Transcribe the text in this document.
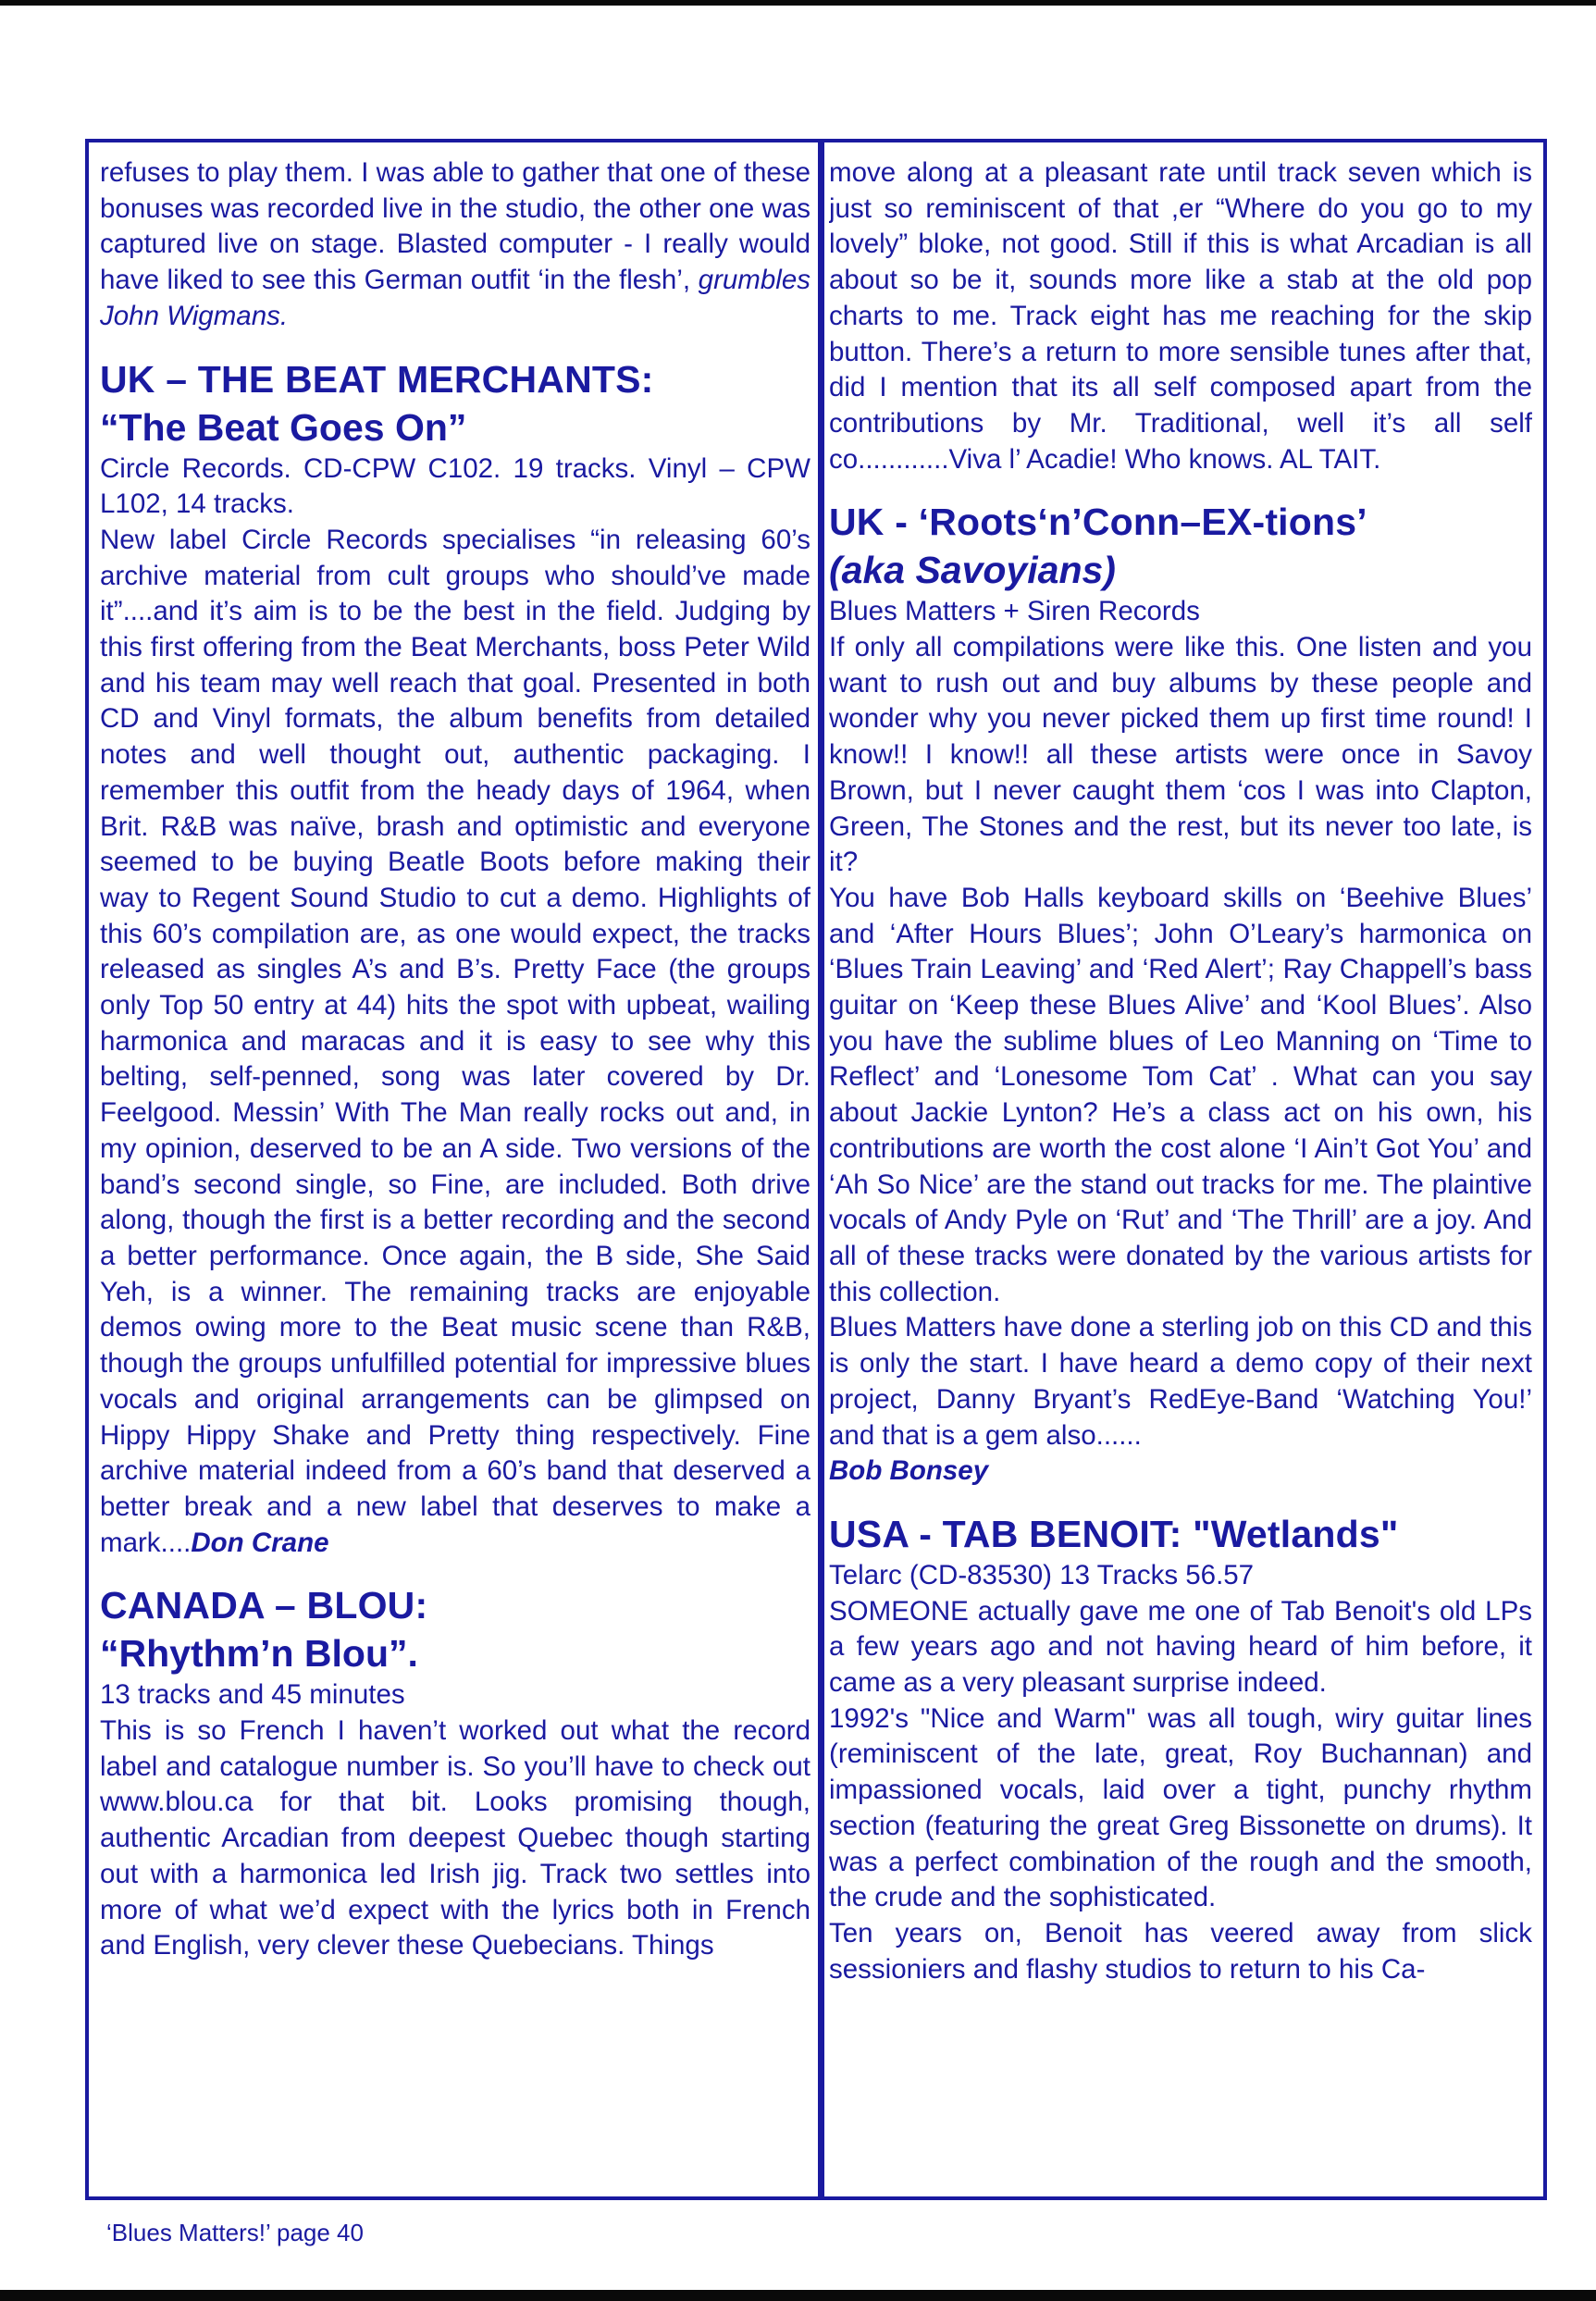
refuses to play them. I was able to gather that one of these bonuses was recorded live in the studio, the other one was captured live on stage. Blasted computer - I really would have liked to see this German outfit ‘in the flesh’, grumbles John Wigmans.

UK – THE BEAT MERCHANTS:
“The Beat Goes On”

Circle Records. CD-CPW C102. 19 tracks. Vinyl – CPW L102, 14 tracks.

New label Circle Records specialises “in releasing 60’s archive material from cult groups who should’ve made it”....and it’s aim is to be the best in the field. Judging by this first offering from the Beat Merchants, boss Peter Wild and his team may well reach that goal. Presented in both CD and Vinyl formats, the album benefits from detailed notes and well thought out, authentic packaging. I remember this outfit from the heady days of 1964, when Brit. R&B was naïve, brash and optimistic and everyone seemed to be buying Beatle Boots before making their way to Regent Sound Studio to cut a demo. Highlights of this 60’s compilation are, as one would expect, the tracks released as singles A’s and B’s. Pretty Face (the groups only Top 50 entry at 44) hits the spot with upbeat, wailing harmonica and maracas and it is easy to see why this belting, self-penned, song was later covered by Dr. Feelgood. Messin’ With The Man really rocks out and, in my opinion, deserved to be an A side. Two versions of the band’s second single, so Fine, are included. Both drive along, though the first is a better recording and the second a better performance. Once again, the B side, She Said Yeh, is a winner. The remaining tracks are enjoyable demos owing more to the Beat music scene than R&B, though the groups unfulfilled potential for impressive blues vocals and original arrangements can be glimpsed on Hippy Hippy Shake and Pretty thing respectively. Fine archive material indeed from a 60’s band that deserved a better break and a new label that deserves to make a mark....Don Crane

CANADA – BLOU:
“Rhythm’n Blou”.

13 tracks and 45 minutes

This is so French I haven’t worked out what the record label and catalogue number is. So you’ll have to check out www.blou.ca for that bit. Looks promising though, authentic Arcadian from deepest Quebec though starting out with a harmonica led Irish jig. Track two settles into more of what we’d expect with the lyrics both in French and English, very clever these Quebecians. Things

move along at a pleasant rate until track seven which is just so reminiscent of that ,er “Where do you go to my lovely” bloke, not good. Still if this is what Arcadian is all about so be it, sounds more like a stab at the old pop charts to me. Track eight has me reaching for the skip button. There’s a return to more sensible tunes after that, did I mention that its all self composed apart from the contributions by Mr. Traditional, well it’s all self co............Viva l’ Acadie! Who knows. AL TAIT.

UK - ‘Roots‘n’Conn–EX-tions’
(aka Savoyians)

Blues Matters + Siren Records

If only all compilations were like this. One listen and you want to rush out and buy albums by these people and wonder why you never picked them up first time round! I know!! I know!! all these artists were once in Savoy Brown, but I never caught them ‘cos I was into Clapton, Green, The Stones and the rest, but its never too late, is it?

You have Bob Halls keyboard skills on ‘Beehive Blues’ and ‘After Hours Blues’; John O’Leary’s harmonica on ‘Blues Train Leaving’ and ‘Red Alert’; Ray Chappell’s bass guitar on ‘Keep these Blues Alive’ and ‘Kool Blues’. Also you have the sublime blues of Leo Manning on ‘Time to Reflect’ and ‘Lonesome Tom Cat’ . What can you say about Jackie Lynton? He’s a class act on his own, his contributions are worth the cost alone ‘I Ain’t Got You’ and ‘Ah So Nice’ are the stand out tracks for me. The plaintive vocals of Andy Pyle on ‘Rut’ and ‘The Thrill’ are a joy. And all of these tracks were donated by the various artists for this collection.

Blues Matters have done a sterling job on this CD and this is only the start. I have heard a demo copy of their next project, Danny Bryant’s RedEye-Band ‘Watching You!’ and that is a gem also......

Bob Bonsey

USA - TAB BENOIT: "Wetlands"

Telarc (CD-83530) 13 Tracks 56.57

SOMEONE actually gave me one of Tab Benoit's old LPs a few years ago and not having heard of him before, it came as a very pleasant surprise indeed.

1992's "Nice and Warm" was all tough, wiry guitar lines (reminiscent of the late, great, Roy Buchannan) and impassioned vocals, laid over a tight, punchy rhythm section (featuring the great Greg Bissonette on drums). It was a perfect combination of the rough and the smooth, the crude and the sophisticated.

Ten years on, Benoit has veered away from slick sessioniers and flashy studios to return to his Ca-

‘Blues Matters!’ page 40
